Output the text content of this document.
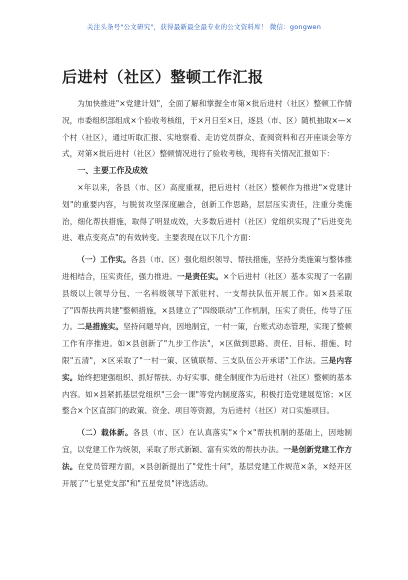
关注头条号"公文研究"，获得最新最全最专业的公文资料库！ 微信：gongwen
后进村（社区）整顿工作汇报

为加快推进"×党建计划"，全面了解和掌握全市第×批后进村（社区）整顿工作情况，市委组织部组成×个验收考核组，于×月日至×日，逐县（市、区）随机抽取×—×个村（社区），通过听取汇报、实地察看、走访党员群众、查阅资料和召开座谈会等方式，对第×批后进村（社区）整顿情况进行了验收考核，现将有关情况汇报如下：

一、主要工作及成效

×年以来，各县（市、区）高度重视，把后进村（社区）整顿作为推进"×党建计划"的重要内容，与脱贫攻坚深度融合，创新工作思路，层层压实责任，注重分类施治，细化帮扶措施，取得了明显成效，大多数后进村（社区）党组织实现了"后进变先进、难点变亮点"的有效转变。主要表现在以下几个方面：

（一）工作实。各县（市、区）强化组织领导、帮扶措施，坚持分类施策与整体推进相结合，压实责任，强力推进。一是责任实。×个后进村（社区）基本实现了一名副县级以上领导分包、一名科级领导下派驻村、一支帮扶队伍开展工作。如×县采取了"四帮扶两共建"整顿措施，×县建立了"四级联动"工作机制，压实了责任，传导了压力。二是措施实。坚持问题导向，因地制宜，一村一策，台账式动态管理，实现了整顿工作有序推进。如×县创新了"九步工作法"，×区做到思路、责任、目标、措施、时限"五清"，×区采取了"一村一策、区镇联帮、三支队伍公开承诺"工作法。三是内容实。始终把建强组织、抓好帮扶、办好实事、健全制度作为后进村（社区）整顿的基本内容。如×县紧抓基层党组织"三会一课"等党内制度落实，积极打造党建展览馆；×区整合×个区直部门的政策、资金、项目等资源，为后进村（社区）对口实施项目。

（二）载体新。各县（市、区）在认真落实"×个×"帮扶机制的基础上，因地制宜，以党建工作为统领，采取了形式新颖、富有实效的帮扶办法。一是创新党建工作方法。在党员管理方面，×县创新提出了"党性十问"，基层党建工作规范×条，×经开区开展了"七星党支部"和"五星党员"评选活动。
